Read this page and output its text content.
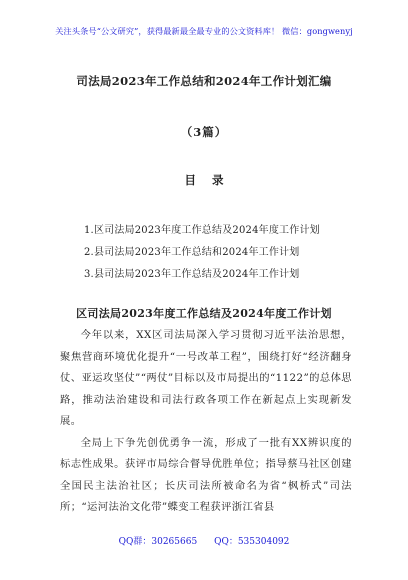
关注头条号“公文研究”，获得最新最全最专业的公文资料库！ 微信：gongwenyj
司法局2023年工作总结和2024年工作计划汇编
（3篇）
目 录
1.区司法局2023年度工作总结及2024年度工作计划
2.县司法局2023年工作总结和2024年工作计划
3.县司法局2023年工作总结及2024年工作计划
区司法局2023年度工作总结及2024年度工作计划

今年以来，XX区司法局深入学习贯彻习近平法治思想，聚焦营商环境优化提升“一号改革工程”，围绕打好“经济翻身仗、亚运攻坚仗”“两仗”目标以及市局提出的“1122”的总体思路，推动法治建设和司法行政各项工作在新起点上实现新发展。

全局上下争先创优勇争一流，形成了一批有XX辨识度的标志性成果。获评市局综合督导优胜单位；指导蔡马社区创建全国民主法治社区；长庆司法所被命名为省“枫桥式”司法所；“运河法治文化带”蝶变工程获评浙江省县

QQ群：30265665 QQ：535304092
